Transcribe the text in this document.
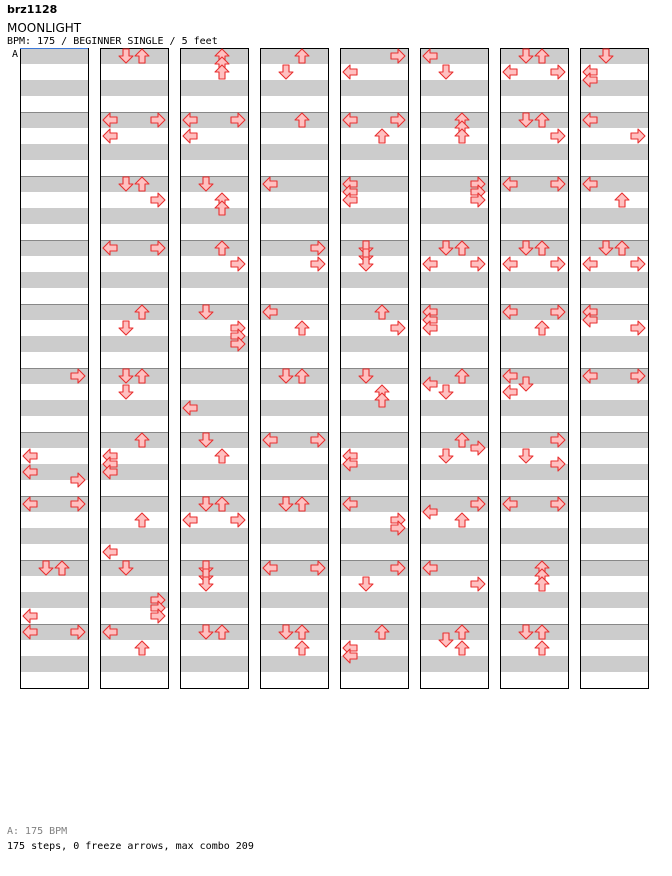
A
brz1128
MOONLIGHT
BPM: 175 / BEGINNER SINGLE / 5 feet
A: 175 BPM
175 steps, 0 freeze arrows, max combo 209
